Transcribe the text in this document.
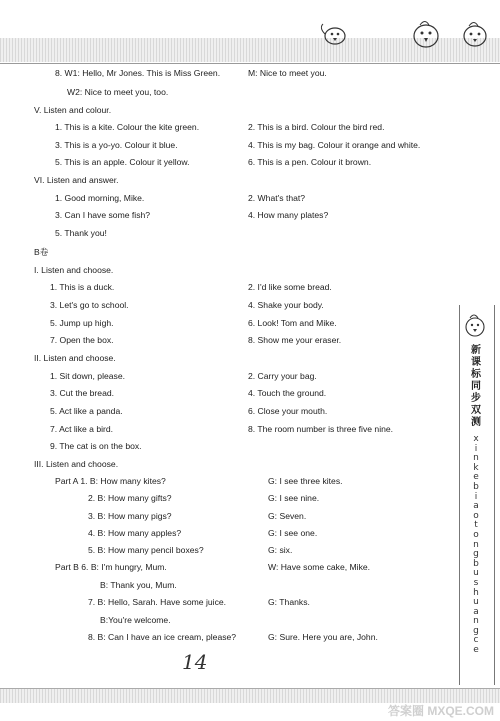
新
课
标
同
步
双
测
x
i
n
k
e
b
i
a
o
t
o
n
g
b
u
s
h
u
a
n
g
c
e
8. W1: Hello, Mr Jones. This is Miss Green.	M: Nice to meet you.
W2: Nice to meet you, too.
V. Listen and colour.
1. This is a kite. Colour the kite green.	2. This is a bird. Colour the bird red.
3. This is a yo-yo. Colour it blue.	4. This is my bag. Colour it orange and white.
5. This is an apple. Colour it yellow.	6. This is a pen. Colour it brown.
VI. Listen and answer.
1. Good morning, Mike.	2. What's that?
3. Can I have some fish?	4. How many plates?
5. Thank you!
B卷
I. Listen and choose.
1. This is a duck.	2. I'd like some bread.
3. Let's go to school.	4. Shake your body.
5. Jump up high.	6. Look! Tom and Mike.
7. Open the box.	8. Show me your eraser.
II. Listen and choose.
1. Sit down, please.	2. Carry your bag.
3. Cut the bread.	4. Touch the ground.
5. Act like a panda.	6. Close your mouth.
7. Act like a bird.	8. The room number is three five nine.
9. The cat is on the box.
III. Listen and choose.
Part A 1. B: How many kites?	G: I see three kites.
2. B: How many gifts?	G: I see nine.
3. B: How many pigs?	G: Seven.
4. B: How many apples?	G: I see one.
5. B: How many pencil boxes?	G: six.
Part B 6. B: I'm hungry, Mum.	W: Have some cake, Mike.
B: Thank you, Mum.
7. B: Hello, Sarah. Have some juice.	G: Thanks.
B:You're welcome.
8. B: Can I have an ice cream, please?	G: Sure. Here you are, John.
14
答案圈 MXQE.COM
